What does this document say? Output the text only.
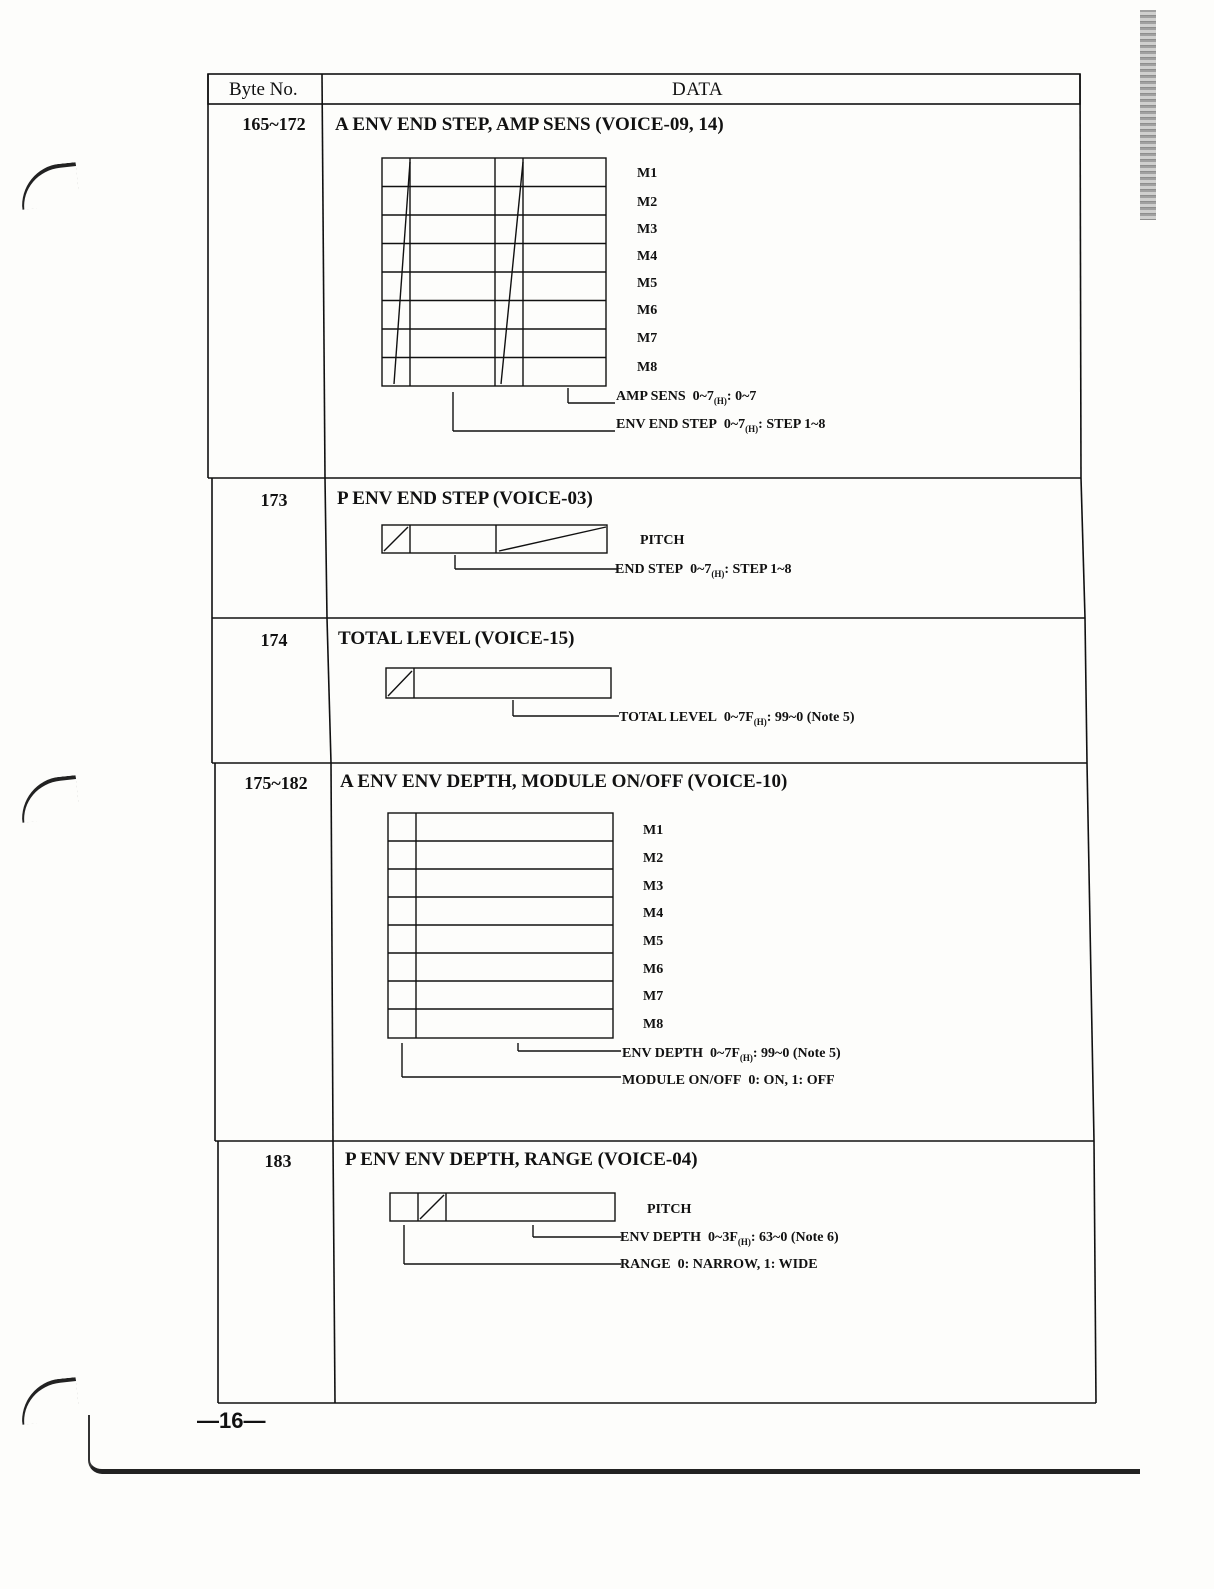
Byte No.	DATA
165~172	A ENV END STEP, AMP SENS (VOICE-09, 14)
M1
M2
M3
M4
M5
M6
M7
M8
AMP SENS $0\sim 7_{(H)}$: 0~7
ENV END STEP $0\sim 7_{(H)}$: STEP 1~8
173	P ENV END STEP (VOICE-03)
PITCH
END STEP $0\sim 7_{(H)}$: STEP 1~8
174	TOTAL LEVEL (VOICE-15)
TOTAL LEVEL $0\sim 7F_{(H)}$: 99~0 (Note 5)
175~182	A ENV ENV DEPTH, MODULE ON/OFF (VOICE-10)
M1
M2
M3
M4
M5
M6
M7
M8
ENV DEPTH $0\sim 7F_{(H)}$: 99~0 (Note 5)
MODULE ON/OFF 0: ON, 1: OFF
183	P ENV ENV DEPTH, RANGE (VOICE-04)
PITCH
ENV DEPTH $0\sim 3F_{(H)}$: 63~0 (Note 6)
RANGE 0: NARROW, 1: WIDE
—16—
